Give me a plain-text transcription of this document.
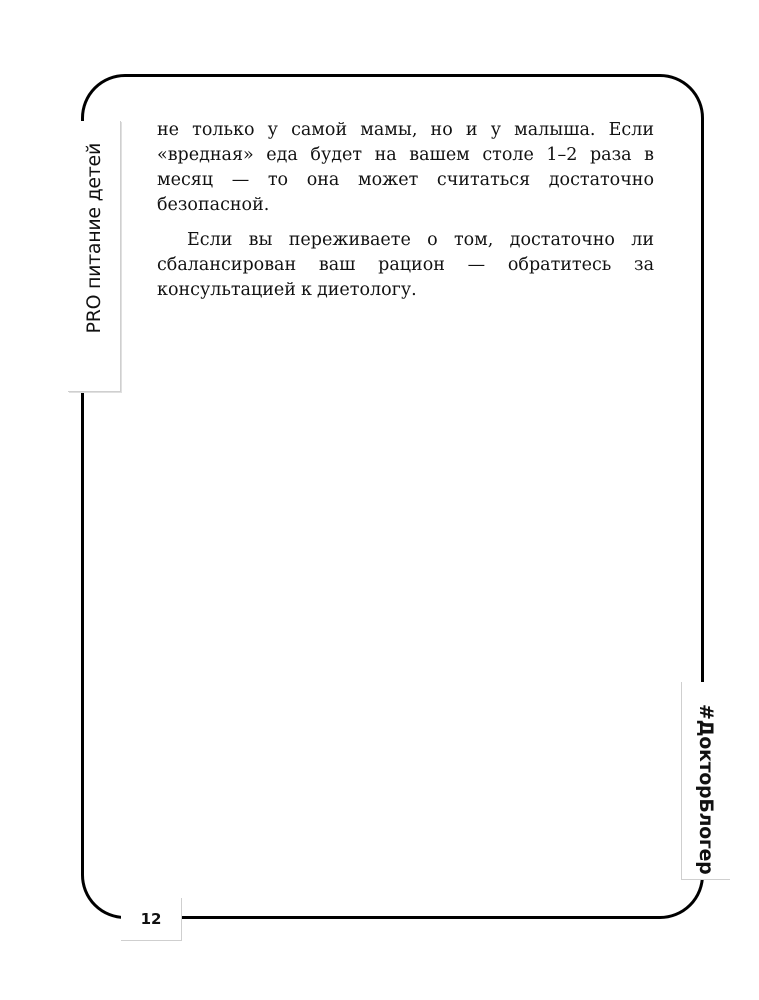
PRO питание детей

не только у самой мамы, но и у малыша. Если «вредная» еда будет на вашем столе 1–2 раза в месяц — то она может считаться достаточно безопасной.

Если вы переживаете о том, достаточно ли сбалансирован ваш рацион — обратитесь за консультацией к диетологу.

#ДокторБлогер
12
